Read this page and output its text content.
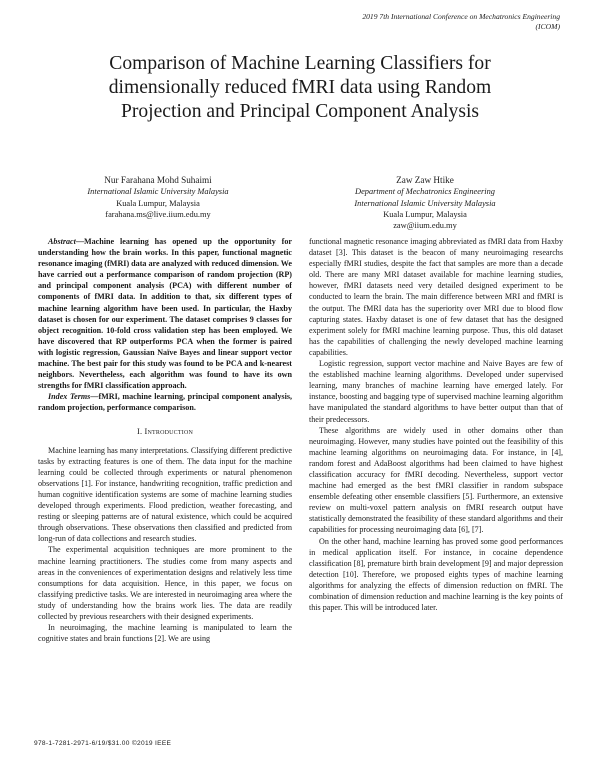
2019 7th International Conference on Mechatronics Engineering
(ICOM)
Comparison of Machine Learning Classifiers for
dimensionally reduced fMRI data using Random
Projection and Principal Component Analysis
Nur Farahana Mohd Suhaimi
International Islamic University Malaysia
Kuala Lumpur, Malaysia
farahana.ms@live.iium.edu.my
Zaw Zaw Htike
Department of Mechatronics Engineering
International Islamic University Malaysia
Kuala Lumpur, Malaysia
zaw@iium.edu.my

Abstract—Machine learning has opened up the opportunity for understanding how the brain works. In this paper, functional magnetic resonance imaging (fMRI) data are analyzed with reduced dimension. We have carried out a performance comparison of random projection (RP) and principal component analysis (PCA) with different number of components of fMRI data. In addition to that, six different types of machine learning algorithm have been used. In particular, the Haxby dataset is chosen for our experiment. The dataset comprises 9 classes for object recognition. 10-fold cross validation step has been employed. We have discovered that RP outperforms PCA when the former is paired with logistic regression, Gaussian Naïve Bayes and linear support vector machine. The best pair for this study was found to be PCA and k-nearest neighbors. Nevertheless, each algorithm was found to have its own strengths for fMRI classification approach.

Index Terms—fMRI, machine learning, principal component analysis, random projection, performance comparison.

I. Introduction

Machine learning has many interpretations. Classifying different predictive tasks by extracting features is one of them. The data input for the machine learning could be collected through experiments or natural phenomenon observations [1]. For instance, handwriting recognition, traffic prediction and human cognitive identification systems are some of machine learning studies developed through experiments. Flood prediction, weather forecasting, and resting or sleeping patterns are of natural existence, which could be acquired through observations. These observations then classified and predicted from long-run of data collections and research studies.

The experimental acquisition techniques are more prominent to the machine learning practitioners. The studies come from many aspects and areas in the conveniences of experimentation designs and relatively less time consumptions for data acquisition. Hence, in this paper, we focus on classifying predictive tasks. We are interested in neuroimaging area where the study of understanding how the brains work lies. The data are readily collected by previous researchers with their designed experiments.

In neuroimaging, the machine learning is manipulated to learn the cognitive states and brain functions [2]. We are using

functional magnetic resonance imaging abbreviated as fMRI data from Haxby dataset [3]. This dataset is the beacon of many neuroimaging researchs especially fMRI studies, despite the fact that samples are more than a decade old. There are many MRI dataset available for machine learning studies, however, fMRI datasets need very detailed designed experiment to be conducted to learn the brain. The main difference between MRI and fMRI is the output. The fMRI data has the superiority over MRI due to blood flow capturing states. Haxby dataset is one of few dataset that has the designed experiment solely for fMRI machine learning purpose. Thus, this old dataset has the capabilities of challenging the newly developed machine learning capabilities.

Logistic regression, support vector machine and Naive Bayes are few of the established machine learning algorithms. Developed under supervised learning, many branches of machine learning have emerged lately. For instance, boosting and bagging type of supervised machine learning algorithm have manipulated the standard algorithms to have better output than that of their predecessors.

These algorithms are widely used in other domains other than neuroimaging. However, many studies have pointed out the feasibility of this machine learning algorithms on neuroimaging data. For instance, in [4], random forest and AdaBoost algorithms had been claimed to have highest classification accuracy for fMRI decoding. Nevertheless, support vector machine had emerged as the best fMRI classifier in random subspace ensemble defeating other ensemble classifiers [5]. Furthermore, an extensive review on multi-voxel pattern analysis on fMRI research output have statistically demonstrated the feasibility of these standard algorithms and their capabilities for processing neuroimaging data [6], [7].

On the other hand, machine learning has proved some good performances in medical application itself. For instance, in cocaine dependence classification [8], premature birth brain development [9] and major depression detection [10]. Therefore, we proposed eights types of machine learning algorithms for analyzing the effects of dimension reduction on fMRI. The combination of dimension reduction and machine learning is the key points of this paper. This will be introduced later.

978-1-7281-2971-6/19/$31.00 ©2019 IEEE
